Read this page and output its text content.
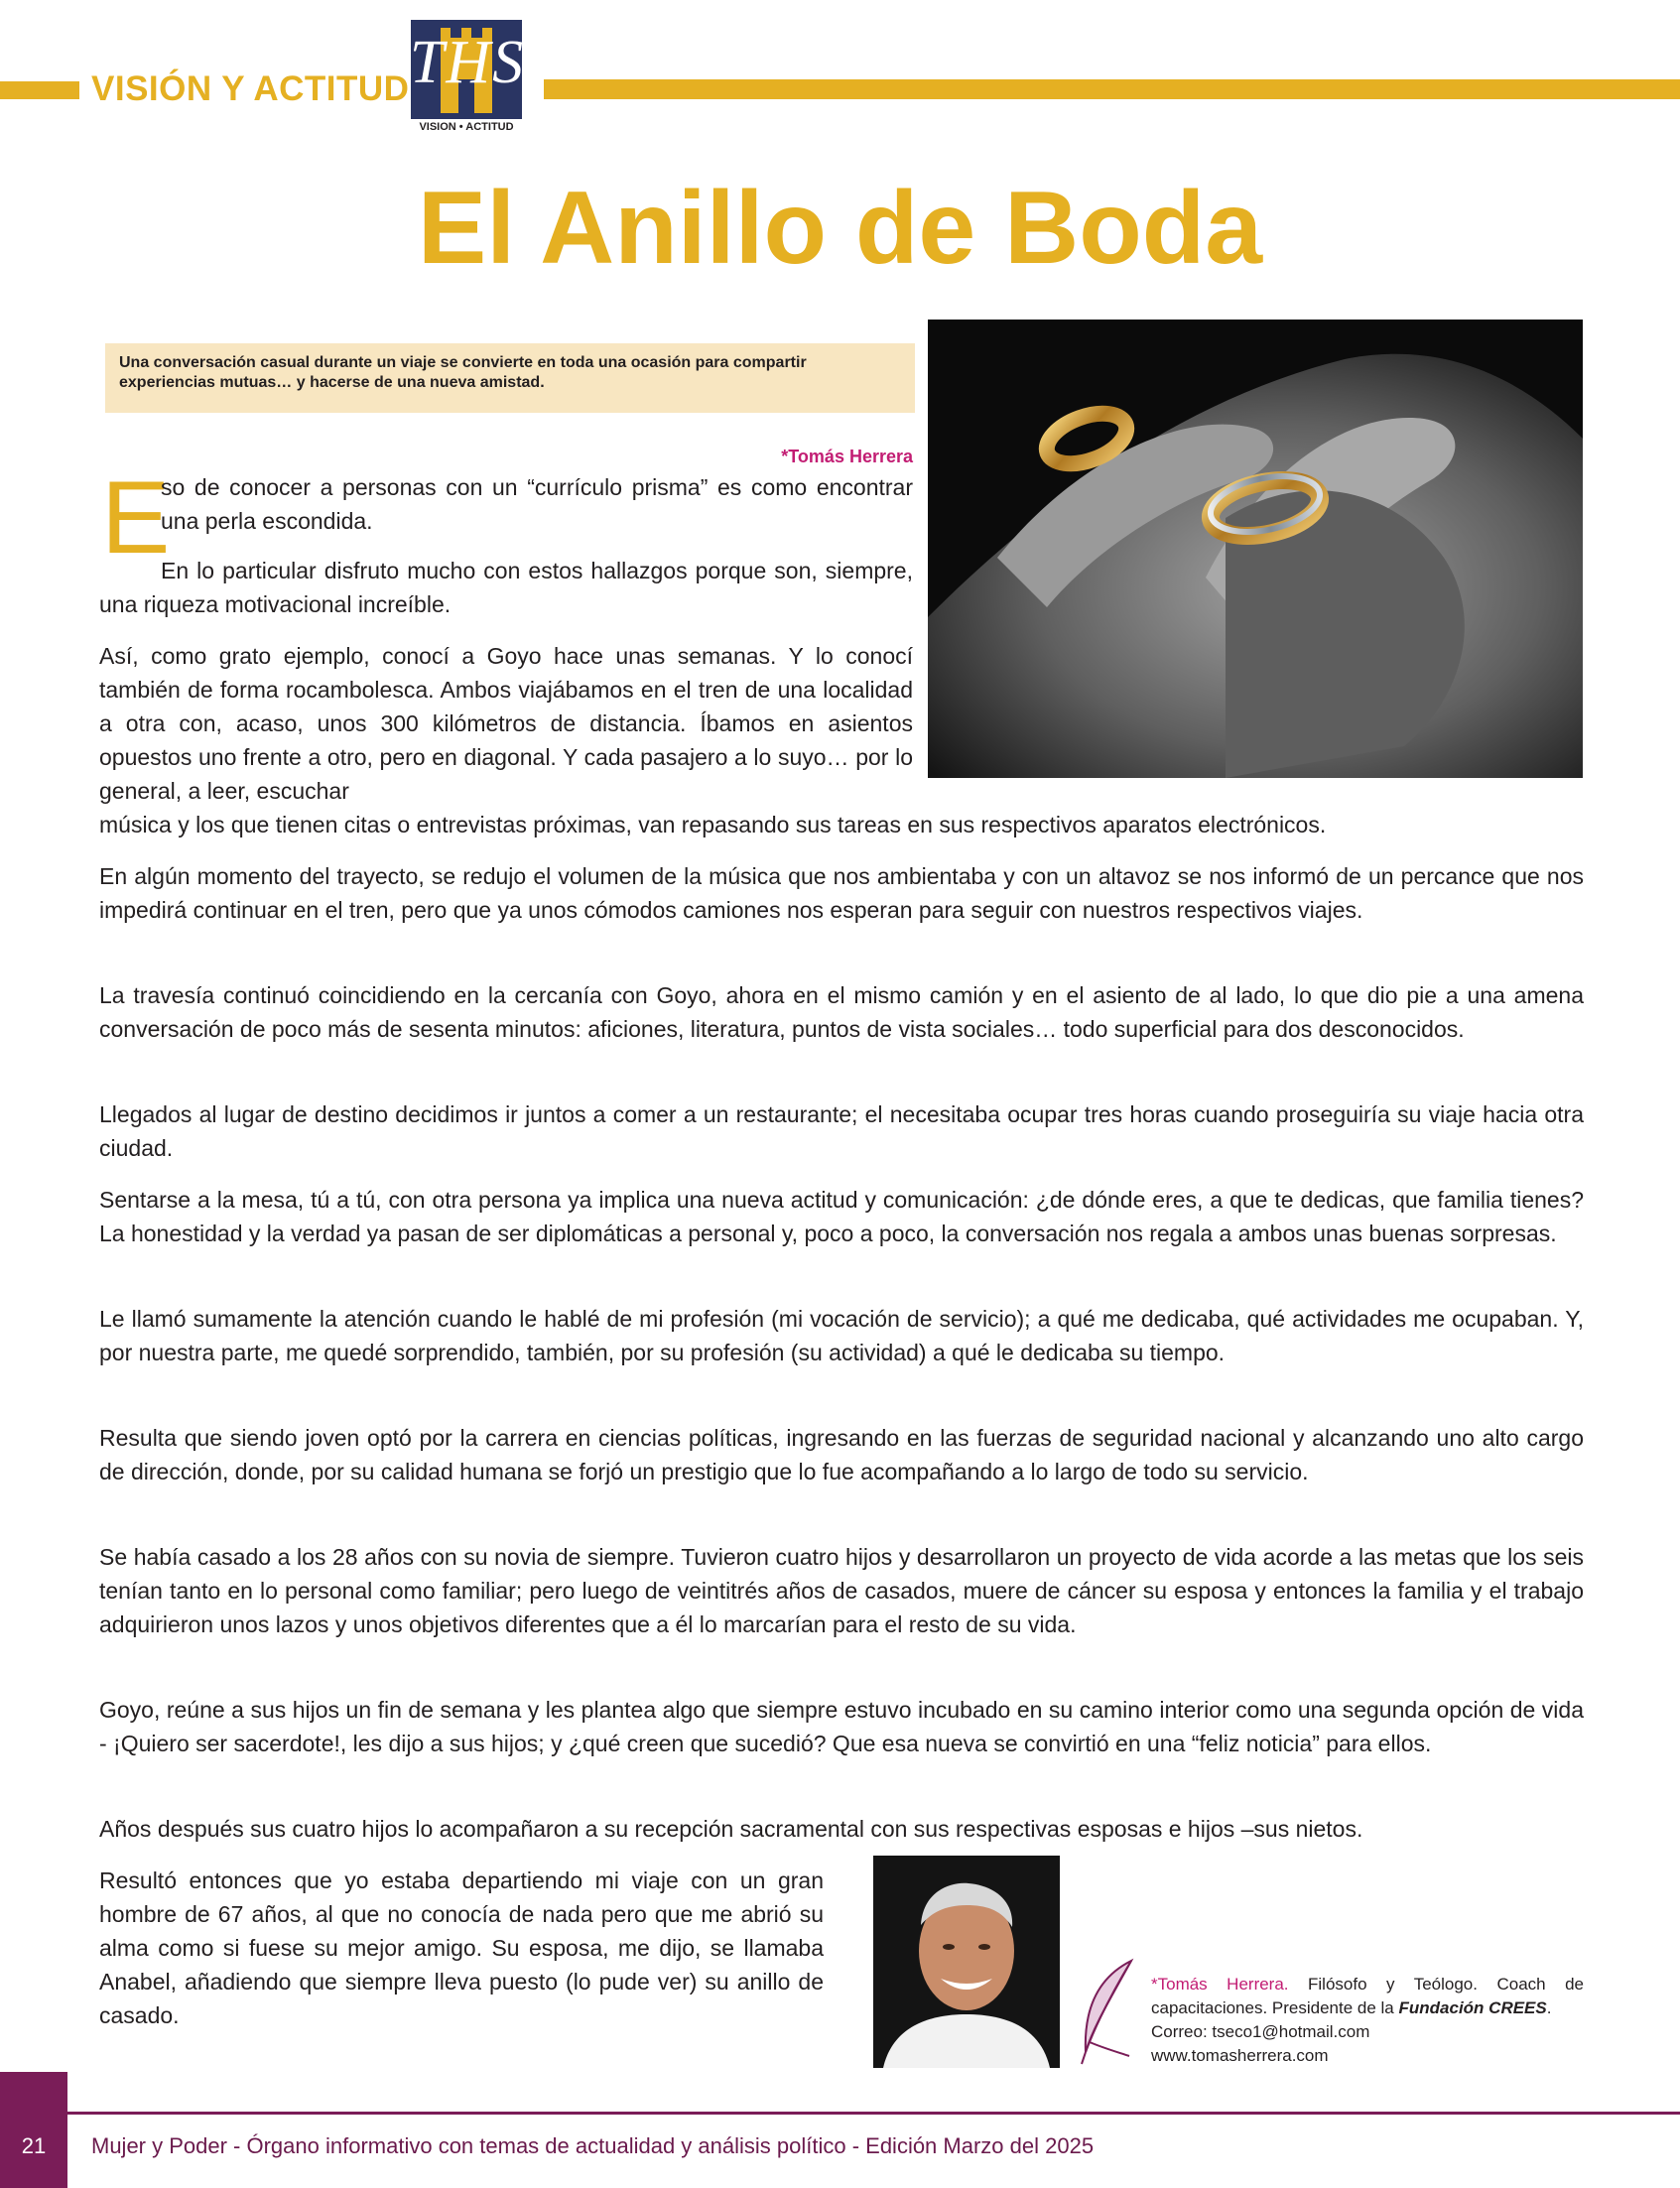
VISIÓN Y ACTITUD THS
VISION • ACTITUD
El Anillo de Boda
Una conversación casual durante un viaje se convierte en toda una ocasión para compartir experiencias mutuas… y hacerse de una nueva amistad.
*Tomás Herrera
E

so de conocer a personas con un “currículo prisma” es como encontrar una perla escondida.

En lo particular disfruto mucho con estos hallazgos porque son, siempre, una riqueza motivacional increíble.

Así, como grato ejemplo, conocí a Goyo hace unas semanas. Y lo conocí también de forma rocambolesca. Ambos viajábamos en el tren de una localidad a otra con, acaso, unos 300 kilómetros de distancia. Íbamos en asientos opuestos uno frente a otro, pero en diagonal. Y cada pasajero a lo suyo… por lo general, a leer, escuchar

música y los que tienen citas o entrevistas próximas, van repasando sus tareas en sus respectivos aparatos electrónicos.

En algún momento del trayecto, se redujo el volumen de la música que nos ambientaba y con un altavoz se nos informó de un percance que nos impedirá continuar en el tren, pero que ya unos cómodos camiones nos esperan para seguir con nuestros respectivos viajes.

La travesía continuó coincidiendo en la cercanía con Goyo, ahora en el mismo camión y en el asiento de al lado, lo que dio pie a una amena conversación de poco más de sesenta minutos: aficiones, literatura, puntos de vista sociales… todo superficial para dos desconocidos.

Llegados al lugar de destino decidimos ir juntos a comer a un restaurante; el necesitaba ocupar tres horas cuando proseguiría su viaje hacia otra ciudad.

Sentarse a la mesa, tú a tú, con otra persona ya implica una nueva actitud y comunicación: ¿de dónde eres, a que te dedicas, que familia tienes? La honestidad y la verdad ya pasan de ser diplomáticas a personal y, poco a poco, la conversación nos regala a ambos unas buenas sorpresas.

Le llamó sumamente la atención cuando le hablé de mi profesión (mi vocación de servicio); a qué me dedicaba, qué actividades me ocupaban. Y, por nuestra parte, me quedé sorprendido, también, por su profesión (su actividad) a qué le dedicaba su tiempo.

Resulta que siendo joven optó por la carrera en ciencias políticas, ingresando en las fuerzas de seguridad nacional y alcanzando uno alto cargo de dirección, donde, por su calidad humana se forjó un prestigio que lo fue acompañando a lo largo de todo su servicio.

Se había casado a los 28 años con su novia de siempre. Tuvieron cuatro hijos y desarrollaron un proyecto de vida acorde a las metas que los seis tenían tanto en lo personal como familiar; pero luego de veintitrés años de casados, muere de cáncer su esposa y entonces la familia y el trabajo adquirieron unos lazos y unos objetivos diferentes que a él lo marcarían para el resto de su vida.

Goyo, reúne a sus hijos un fin de semana y les plantea algo que siempre estuvo incubado en su camino interior como una segunda opción de vida - ¡Quiero ser sacerdote!, les dijo a sus hijos; y ¿qué creen que sucedió? Que esa nueva se convirtió en una “feliz noticia” para ellos.

Años después sus cuatro hijos lo acompañaron a su recepción sacramental con sus respectivas esposas e hijos –sus nietos.

Resultó entonces que yo estaba departiendo mi viaje con un gran hombre de 67 años, al que no conocía de nada pero que me abrió su alma como si fuese su mejor amigo. Su esposa, me dijo, se llamaba Anabel, añadiendo que siempre lleva puesto (lo pude ver) su anillo de casado.

*Tomás Herrera. Filósofo y Teólogo. Coach de capacitaciones. Presidente de la Fundación CREES.
Correo: tseco1@hotmail.com
www.tomasherrera.com
21	Mujer y Poder - Órgano informativo con temas de actualidad y análisis político - Edición Marzo del 2025
